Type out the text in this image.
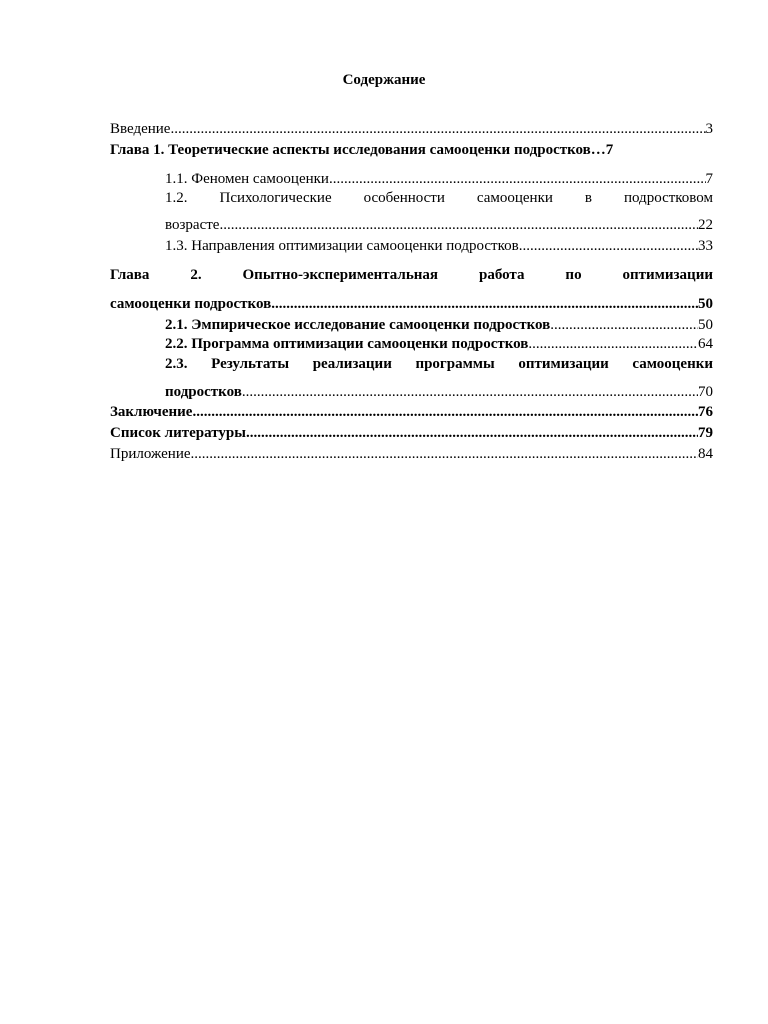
Содержание
Введение .....	3
Глава 1. Теоретические аспекты исследования самооценки подростков… 7
1.1. Феномен самооценки .....	7
1.2. Психологические особенности самооценки в подростковом
возрасте .....	22
1.3. Направления оптимизации самооценки подростков .....	33
Глава 2. Опытно-экспериментальная работа по оптимизации
самооценки подростков .....	50
2.1. Эмпирическое исследование самооценки подростков .....	50
2.2. Программа оптимизации самооценки подростков .....	64
2.3. Результаты реализации программы оптимизации самооценки
подростков .....	70
Заключение .....	76
Список литературы .....	79
Приложение .....	84
